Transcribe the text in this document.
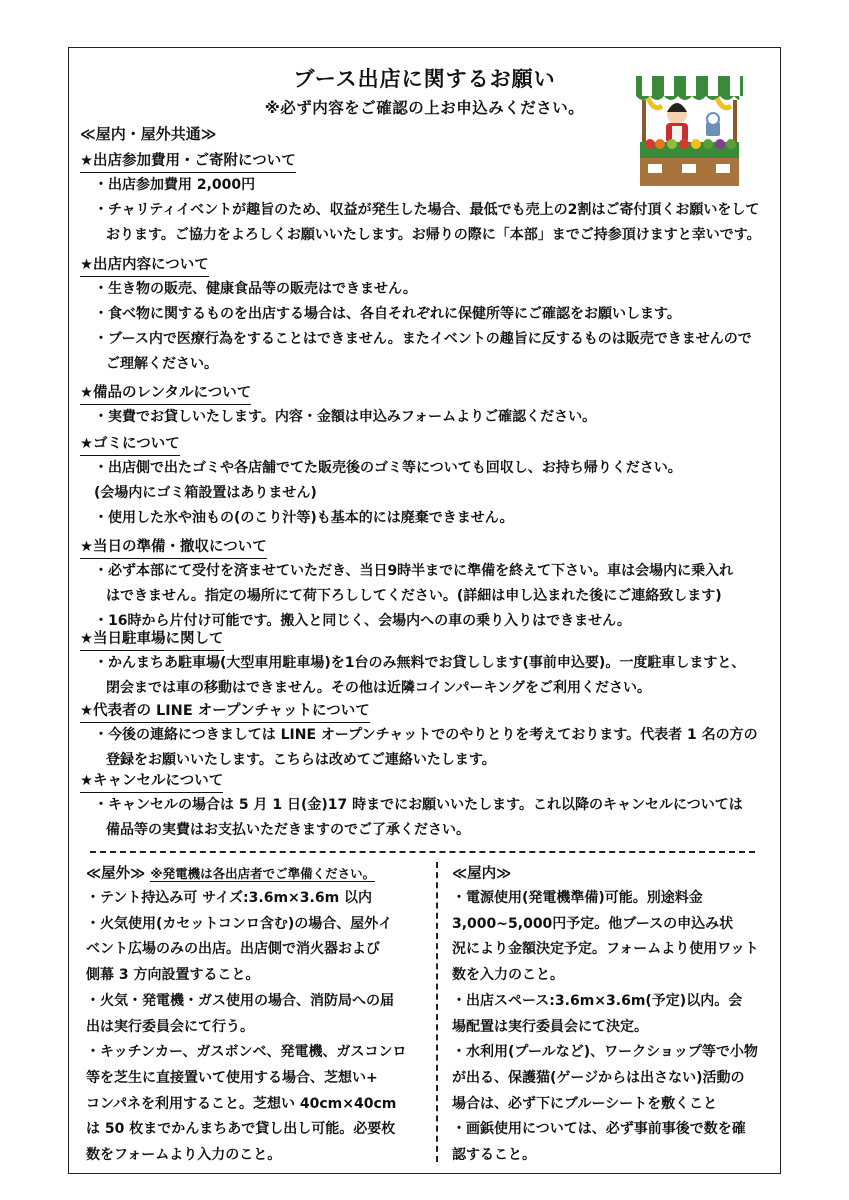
ブース出店に関するお願い
※必ず内容をご確認の上お申込みください。
≪屋内・屋外共通≫
★出店参加費用・ご寄附について
・出店参加費用 2,000円
・チャリティイベントが趣旨のため、収益が発生した場合、最低でも売上の2割はご寄付頂くお願いをして
おります。ご協力をよろしくお願いいたします。お帰りの際に「本部」までご持参頂けますと幸いです。
★出店内容について
・生き物の販売、健康食品等の販売はできません。
・食べ物に関するものを出店する場合は、各自それぞれに保健所等にご確認をお願いします。
・ブース内で医療行為をすることはできません。またイベントの趣旨に反するものは販売できませんので
ご理解ください。
★備品のレンタルについて
・実費でお貸しいたします。内容・金額は申込みフォームよりご確認ください。
★ゴミについて
・出店側で出たゴミや各店舗でてた販売後のゴミ等についても回収し、お持ち帰りください。
(会場内にゴミ箱設置はありません)
・使用した氷や油もの(のこり汁等)も基本的には廃棄できません。
★当日の準備・撤収について
・必ず本部にて受付を済ませていただき、当日9時半までに準備を終えて下さい。車は会場内に乗入れ
はできません。指定の場所にて荷下ろししてください。(詳細は申し込まれた後にご連絡致します)
・16時から片付け可能です。搬入と同じく、会場内への車の乗り入りはできません。
★当日駐車場に関して
・かんまちあ駐車場(大型車用駐車場)を1台のみ無料でお貸しします(事前申込要)。一度駐車しますと、
閉会までは車の移動はできません。その他は近隣コインパーキングをご利用ください。
★代表者の LINE オープンチャットについて
・今後の連絡につきましては LINE オープンチャットでのやりとりを考えております。代表者 1 名の方の
登録をお願いいたします。こちらは改めてご連絡いたします。
★キャンセルについて
・キャンセルの場合は 5 月 1 日(金)17 時までにお願いいたします。これ以降のキャンセルについては
備品等の実費はお支払いただきますのでご了承ください。
≪屋外≫ ※発電機は各出店者でご準備ください。
・テント持込み可 サイズ:3.6m×3.6m 以内
・火気使用(カセットコンロ含む)の場合、屋外イ
ベント広場のみの出店。出店側で消火器および
側幕 3 方向設置すること。
・火気・発電機・ガス使用の場合、消防局への届
出は実行委員会にて行う。
・キッチンカー、ガスボンベ、発電機、ガスコンロ
等を芝生に直接置いて使用する場合、芝想い+
コンパネを利用すること。芝想い 40cm×40cm
は 50 枚までかんまちあで貸し出し可能。必要枚
数をフォームより入力のこと。
≪屋内≫
・電源使用(発電機準備)可能。別途料金
3,000~5,000円予定。他ブースの申込み状
況により金額決定予定。フォームより使用ワット
数を入力のこと。
・出店スペース:3.6m×3.6m(予定)以内。会
場配置は実行委員会にて決定。
・水利用(プールなど)、ワークショップ等で小物
が出る、保護猫(ゲージからは出さない)活動の
場合は、必ず下にブルーシートを敷くこと
・画鋲使用については、必ず事前事後で数を確
認すること。
